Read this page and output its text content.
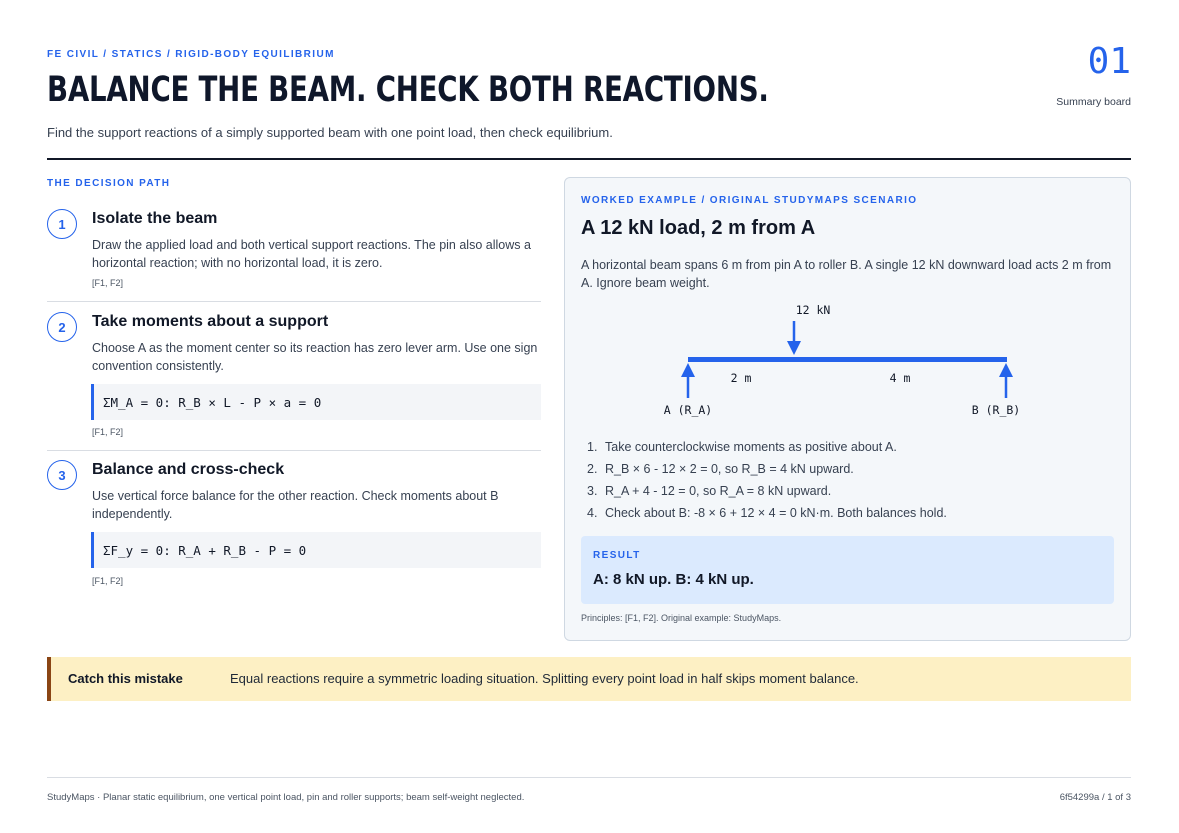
FE CIVIL / STATICS / RIGID-BODY EQUILIBRIUM
BALANCE THE BEAM. CHECK BOTH REACTIONS.
Find the support reactions of a simply supported beam with one point load, then check equilibrium.
01
Summary board
THE DECISION PATH
1	Isolate the beam
Draw the applied load and both vertical support reactions. The pin also allows a horizontal reaction; with no horizontal load, it is zero.
[F1, F2]
2	Take moments about a support
Choose A as the moment center so its reaction has zero lever arm. Use one sign convention consistently.
ΣM_A = 0: R_B × L - P × a = 0
[F1, F2]
3	Balance and cross-check
Use vertical force balance for the other reaction. Check moments about B independently.
ΣF_y = 0: R_A + R_B - P = 0
[F1, F2]
WORKED EXAMPLE / ORIGINAL STUDYMAPS SCENARIO
A 12 kN load, 2 m from A
A horizontal beam spans 6 m from pin A to roller B. A single 12 kN downward load acts 2 m from A. Ignore beam weight.
12 kN
2 m	4 m
A (R_A)	B (R_B)
1. Take counterclockwise moments as positive about A.
2. R_B × 6 - 12 × 2 = 0, so R_B = 4 kN upward.
3. R_A + 4 - 12 = 0, so R_A = 8 kN upward.
4. Check about B: -8 × 6 + 12 × 4 = 0 kN·m. Both balances hold.
RESULT
A: 8 kN up. B: 4 kN up.
Principles: [F1, F2]. Original example: StudyMaps.
Catch this mistake	Equal reactions require a symmetric loading situation. Splitting every point load in half skips moment balance.
StudyMaps · Planar static equilibrium, one vertical point load, pin and roller supports; beam self-weight neglected.	6f54299a / 1 of 3
